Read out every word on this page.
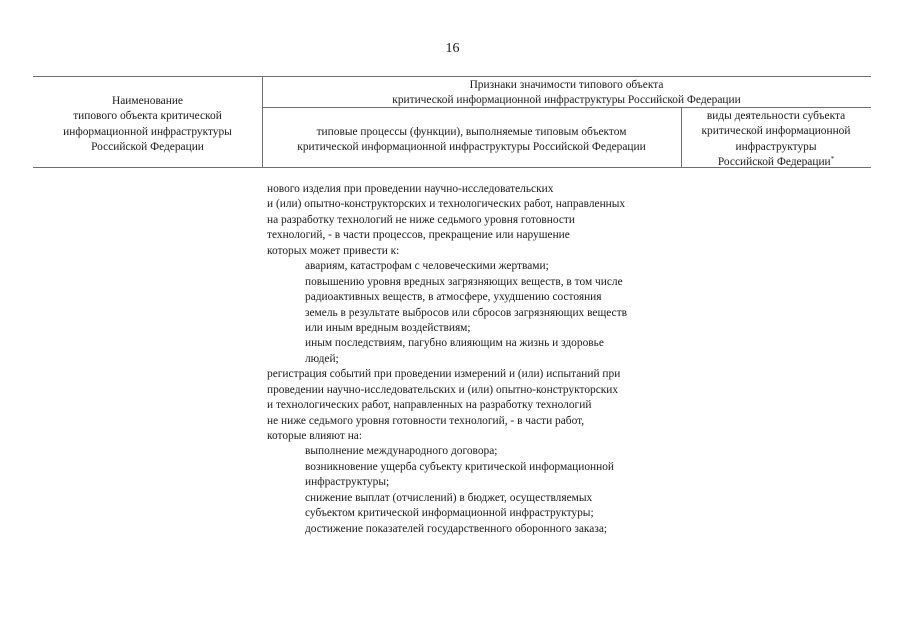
16
Наименование
типового объекта критической
информационной инфраструктуры
Российской Федерации
Признаки значимости типового объекта
критической информационной инфраструктуры Российской Федерации
типовые процессы (функции), выполняемые типовым объектом
критической информационной инфраструктуры Российской Федерации
виды деятельности субъекта
критической информационной
инфраструктуры
Российской Федерации*
нового изделия при проведении научно-исследовательских
и (или) опытно-конструкторских и технологических работ, направленных
на разработку технологий не ниже седьмого уровня готовности
технологий, - в части процессов, прекращение или нарушение
которых может привести к:
авариям, катастрофам с человеческими жертвами;
повышению уровня вредных загрязняющих веществ, в том числе
радиоактивных веществ, в атмосфере, ухудшению состояния
земель в результате выбросов или сбросов загрязняющих веществ
или иным вредным воздействиям;
иным последствиям, пагубно влияющим на жизнь и здоровье
людей;
регистрация событий при проведении измерений и (или) испытаний при
проведении научно-исследовательских и (или) опытно-конструкторских
и технологических работ, направленных на разработку технологий
не ниже седьмого уровня готовности технологий, - в части работ,
которые влияют на:
выполнение международного договора;
возникновение ущерба субъекту критической информационной
инфраструктуры;
снижение выплат (отчислений) в бюджет, осуществляемых
субъектом критической информационной инфраструктуры;
достижение показателей государственного оборонного заказа;
